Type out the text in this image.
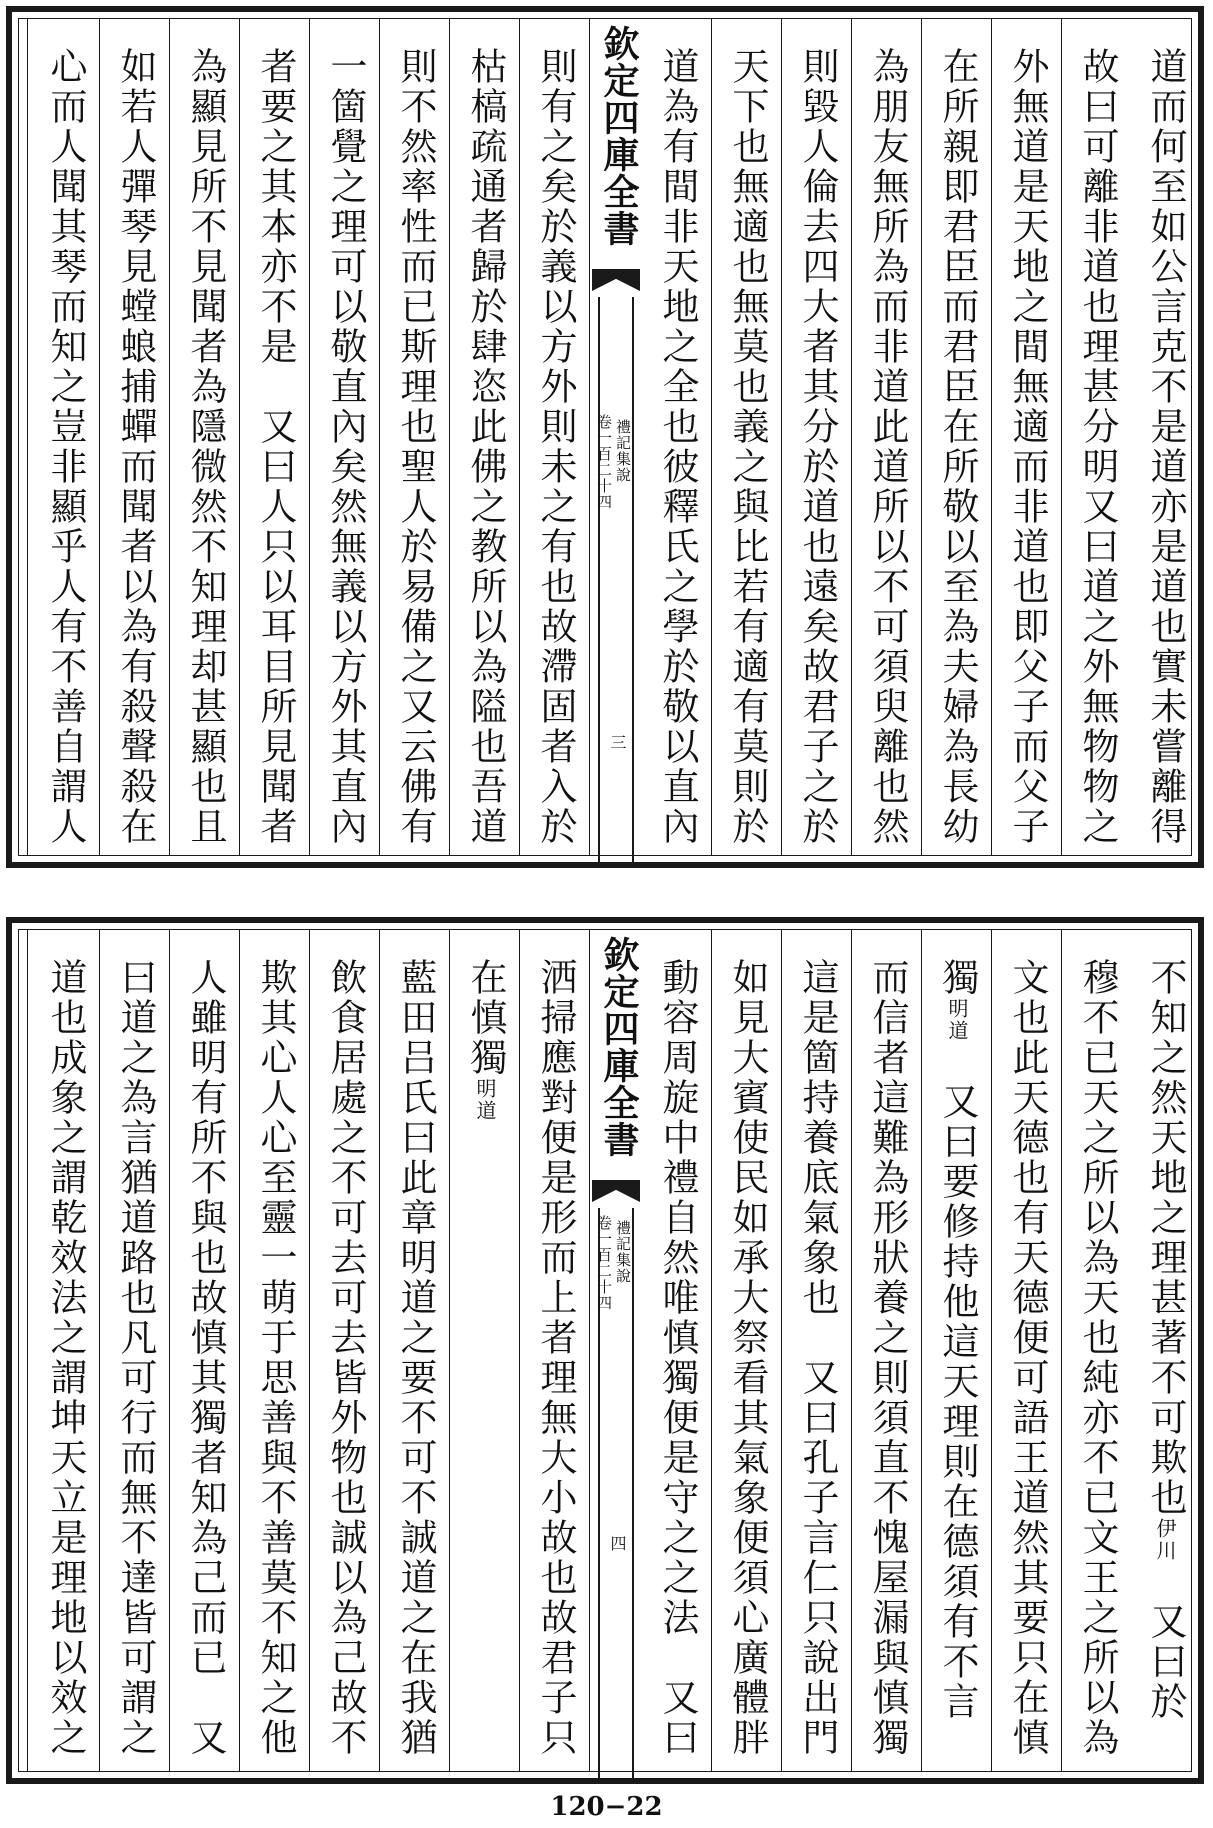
道而何至如公言克不是道亦是道也實未嘗離得
故曰可離非道也理甚分明又曰道之外無物物之
外無道是天地之間無適而非道也即父子而父子
在所親即君臣而君臣在所敬以至為夫婦為長幼
為朋友無所為而非道此道所以不可須臾離也然
則毀人倫去四大者其分於道也遠矣故君子之於
天下也無適也無莫也義之與比若有適有莫則於
道為有間非天地之全也彼釋氏之學於敬以直內
欽定四庫全書
禮記集說
卷一百二十四
三
則有之矣於義以方外則未之有也故滯固者入於
枯槁疏通者歸於肆恣此佛之教所以為隘也吾道
則不然率性而已斯理也聖人於易備之又云佛有
一箇覺之理可以敬直內矣然無義以方外其直內
者要之其本亦不是　又曰人只以耳目所見聞者
為顯見所不見聞者為隱微然不知理却甚顯也且
如若人彈琴見螳蜋捕蟬而聞者以為有殺聲殺在
心而人聞其琴而知之豈非顯乎人有不善自謂人
不知之然天地之理甚著不可欺也伊川　又曰於
穆不已天之所以為天也純亦不已文王之所以為
文也此天德也有天德便可語王道然其要只在慎
獨明道　又曰要修持他這天理則在德須有不言
而信者這難為形狀養之則須直不愧屋漏與慎獨
這是箇持養底氣象也　又曰孔子言仁只說出門
如見大賓使民如承大祭看其氣象便須心廣體胖
動容周旋中禮自然唯慎獨便是守之之法　又曰
欽定四庫全書
禮記集說
卷一百二十四
四
洒掃應對便是形而上者理無大小故也故君子只
在慎獨明道
藍田吕氏曰此章明道之要不可不誠道之在我猶
飲食居處之不可去可去皆外物也誠以為己故不
欺其心人心至靈一萌于思善與不善莫不知之他
人雖明有所不與也故慎其獨者知為己而已　又
曰道之為言猶道路也凡可行而無不達皆可謂之
道也成象之謂乾效法之謂坤天立是理地以效之
120−22
